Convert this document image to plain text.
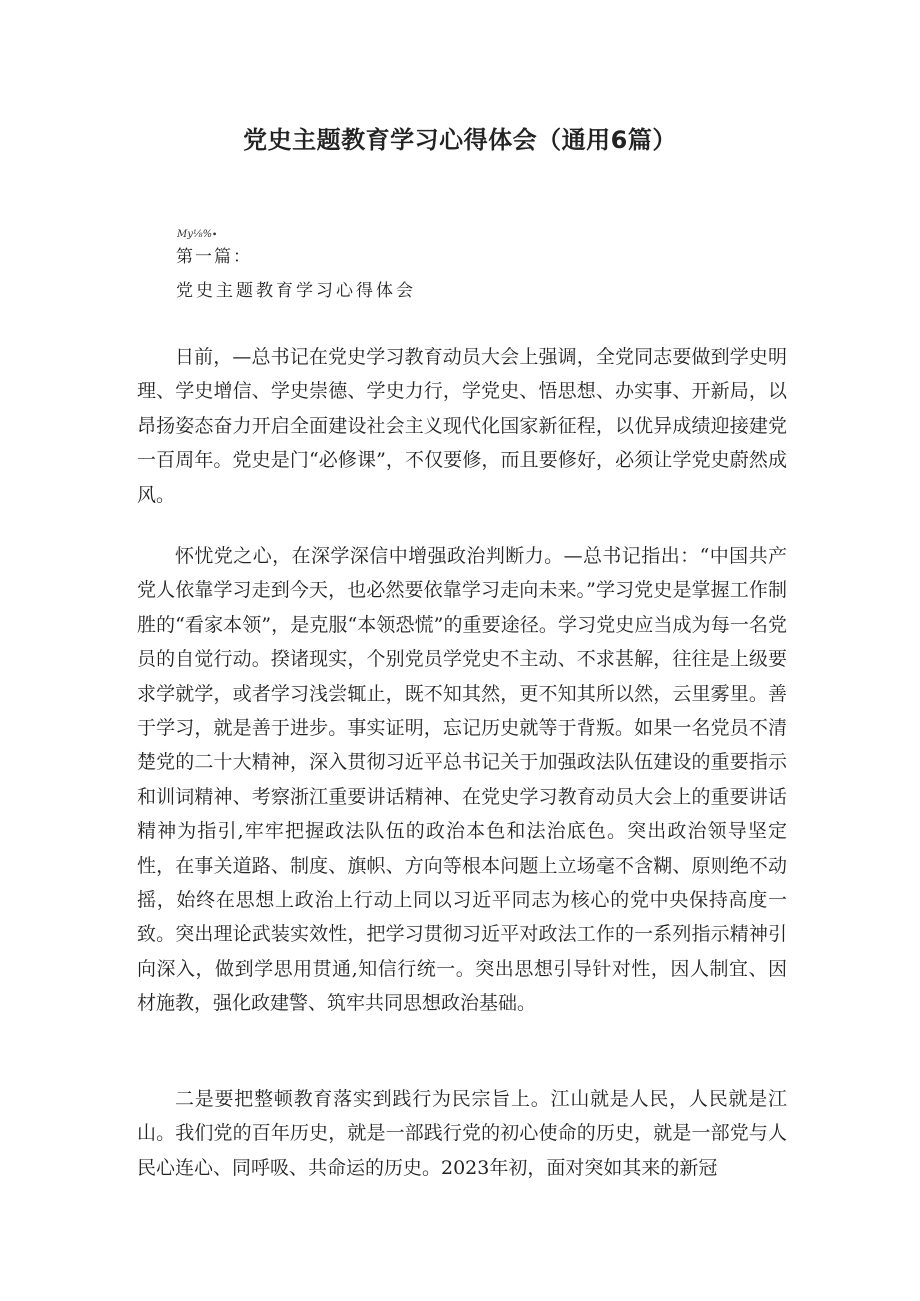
党史主题教育学习心得体会（通用6篇）
My⅛%∙
第一篇：
党史主题教育学习心得体会

日前，—总书记在党史学习教育动员大会上强调，全党同志要做到学史明理、学史增信、学史崇德、学史力行，学党史、悟思想、办实事、开新局，以昂扬姿态奋力开启全面建设社会主义现代化国家新征程，以优异成绩迎接建党一百周年。党史是门“必修课”，不仅要修，而且要修好，必须让学党史蔚然成风。

怀忧党之心，在深学深信中增强政治判断力。—总书记指出：“中国共产党人依靠学习走到今天，也必然要依靠学习走向未来。”学习党史是掌握工作制胜的“看家本领”，是克服“本领恐慌”的重要途径。学习党史应当成为每一名党员的自觉行动。揆诸现实，个别党员学党史不主动、不求甚解，往往是上级要求学就学，或者学习浅尝辄止，既不知其然，更不知其所以然，云里雾里。善于学习，就是善于进步。事实证明，忘记历史就等于背叛。如果一名党员不清楚党的二十大精神，深入贯彻习近平总书记关于加强政法队伍建设的重要指示和训词精神、考察浙江重要讲话精神、在党史学习教育动员大会上的重要讲话精神为指引,牢牢把握政法队伍的政治本色和法治底色。突出政治领导坚定性，在事关道路、制度、旗帜、方向等根本问题上立场毫不含糊、原则绝不动摇，始终在思想上政治上行动上同以习近平同志为核心的党中央保持高度一致。突出理论武装实效性，把学习贯彻习近平对政法工作的一系列指示精神引向深入，做到学思用贯通,知信行统一。突出思想引导针对性，因人制宜、因材施教，强化政建警、筑牢共同思想政治基础。

二是要把整顿教育落实到践行为民宗旨上。江山就是人民，人民就是江山。我们党的百年历史，就是一部践行党的初心使命的历史，就是一部党与人民心连心、同呼吸、共命运的历史。2023年初，面对突如其来的新冠
